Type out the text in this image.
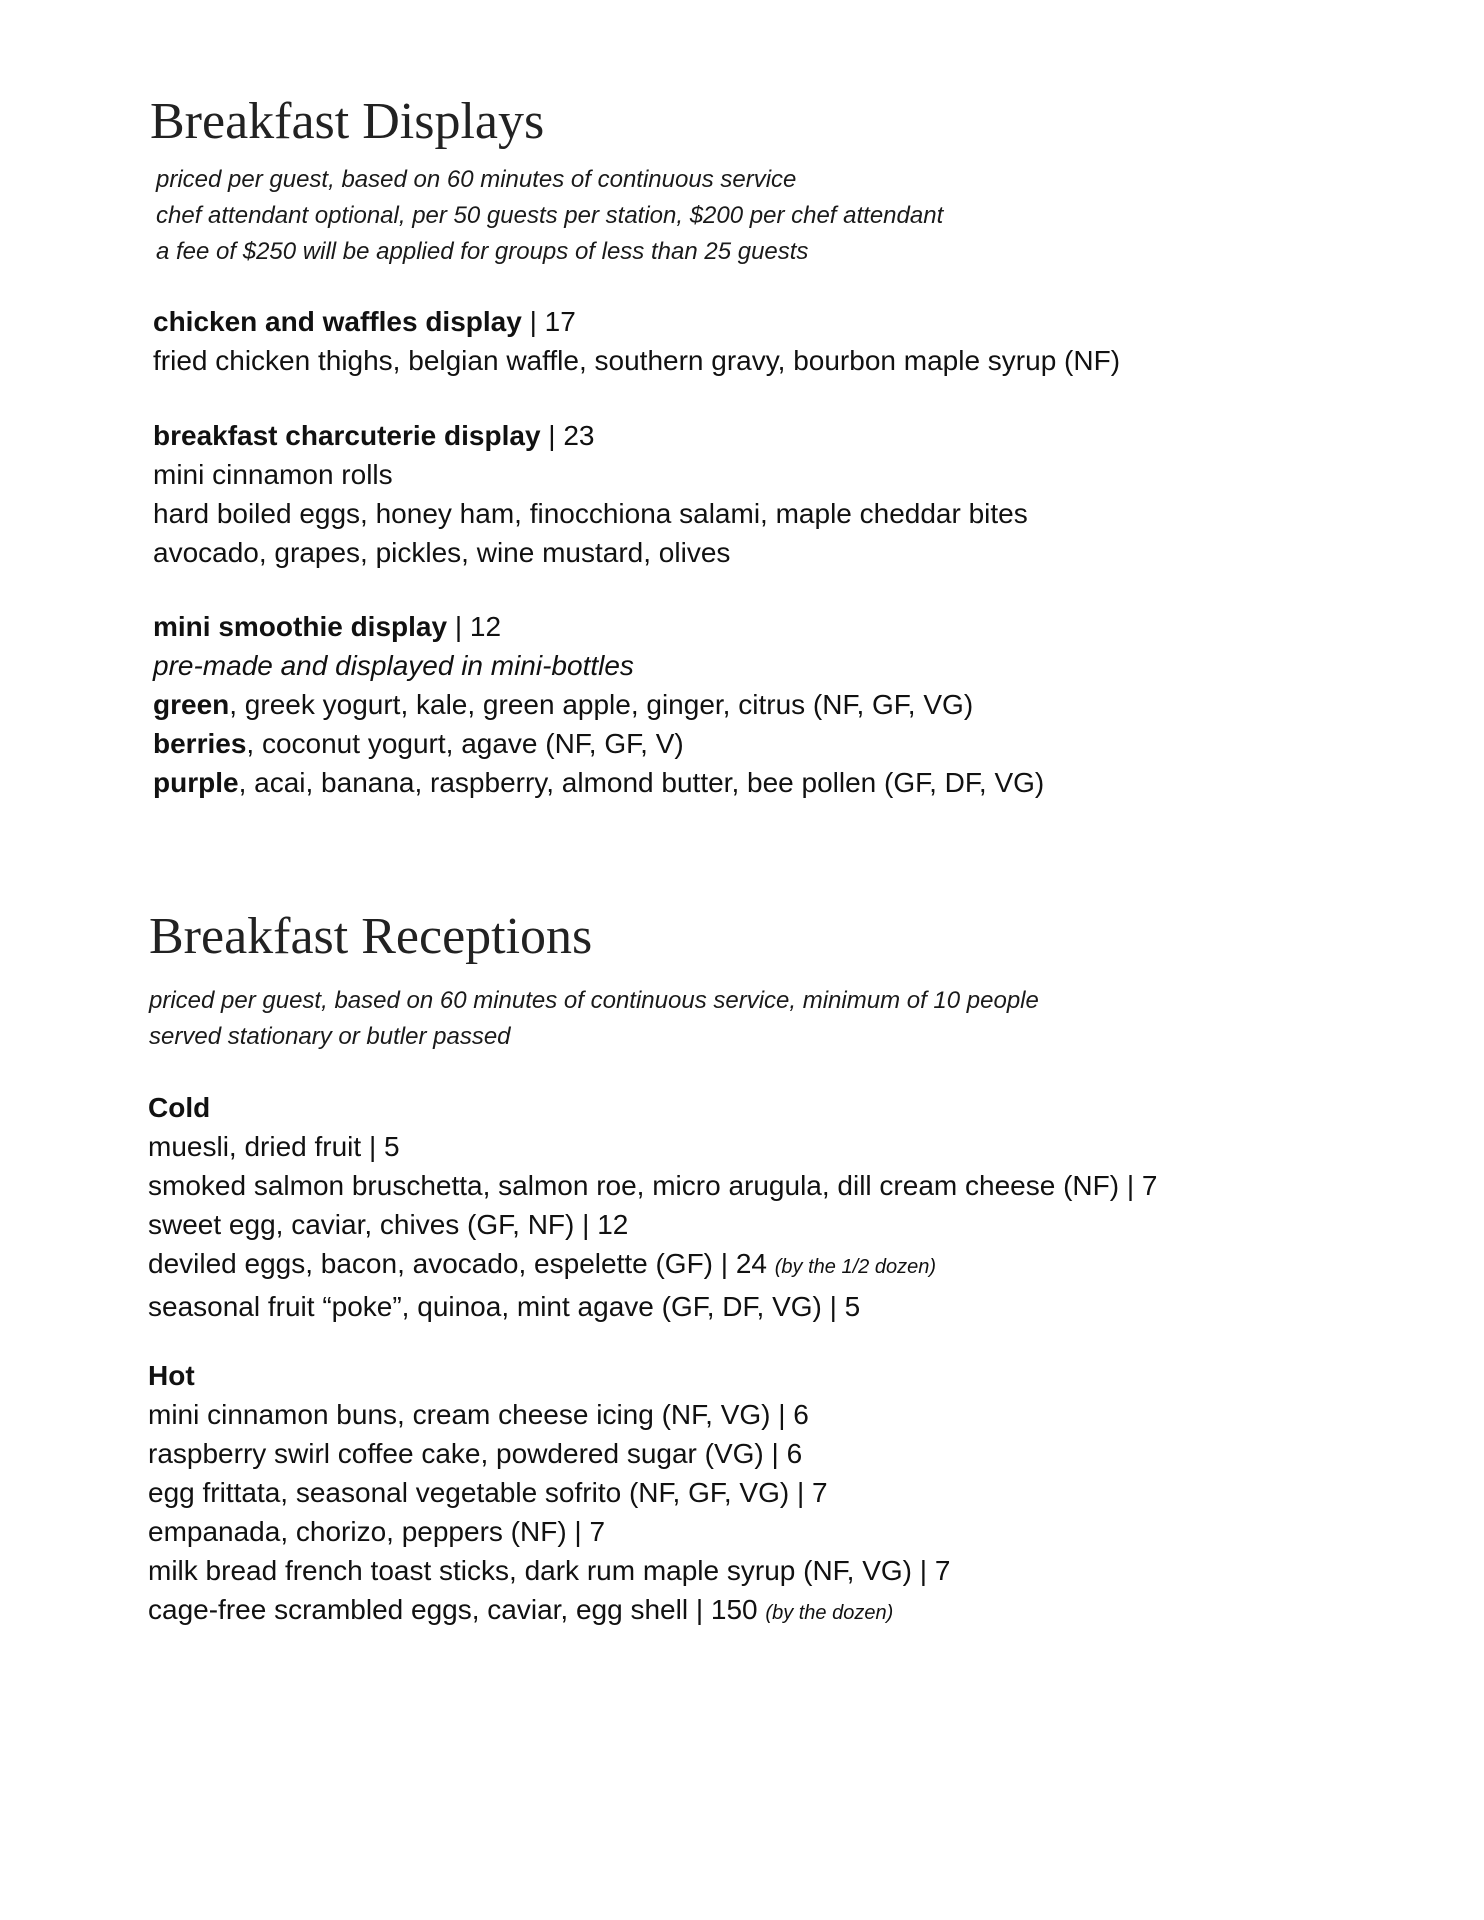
Breakfast Displays
priced per guest, based on 60 minutes of continuous service
chef attendant optional, per 50 guests per station, $200 per chef attendant
a fee of $250 will be applied for groups of less than 25 guests
chicken and waffles display | 17
fried chicken thighs, belgian waffle, southern gravy, bourbon maple syrup (NF)
breakfast charcuterie display | 23
mini cinnamon rolls
hard boiled eggs, honey ham, finocchiona salami, maple cheddar bites
avocado, grapes, pickles, wine mustard, olives
mini smoothie display | 12
pre-made and displayed in mini-bottles
green, greek yogurt, kale, green apple, ginger, citrus (NF, GF, VG)
berries, coconut yogurt, agave (NF, GF, V)
purple, acai, banana, raspberry, almond butter, bee pollen (GF, DF, VG)
Breakfast Receptions
priced per guest, based on 60 minutes of continuous service, minimum of 10 people
served stationary or butler passed
Cold
muesli, dried fruit | 5
smoked salmon bruschetta, salmon roe, micro arugula, dill cream cheese (NF) | 7
sweet egg, caviar, chives (GF, NF) | 12
deviled eggs, bacon, avocado, espelette (GF) | 24 (by the 1/2 dozen)
seasonal fruit “poke”, quinoa, mint agave (GF, DF, VG) | 5
Hot
mini cinnamon buns, cream cheese icing (NF, VG) | 6
raspberry swirl coffee cake, powdered sugar (VG) | 6
egg frittata, seasonal vegetable sofrito (NF, GF, VG) | 7
empanada, chorizo, peppers (NF) | 7
milk bread french toast sticks, dark rum maple syrup (NF, VG) | 7
cage-free scrambled eggs, caviar, egg shell | 150 (by the dozen)
